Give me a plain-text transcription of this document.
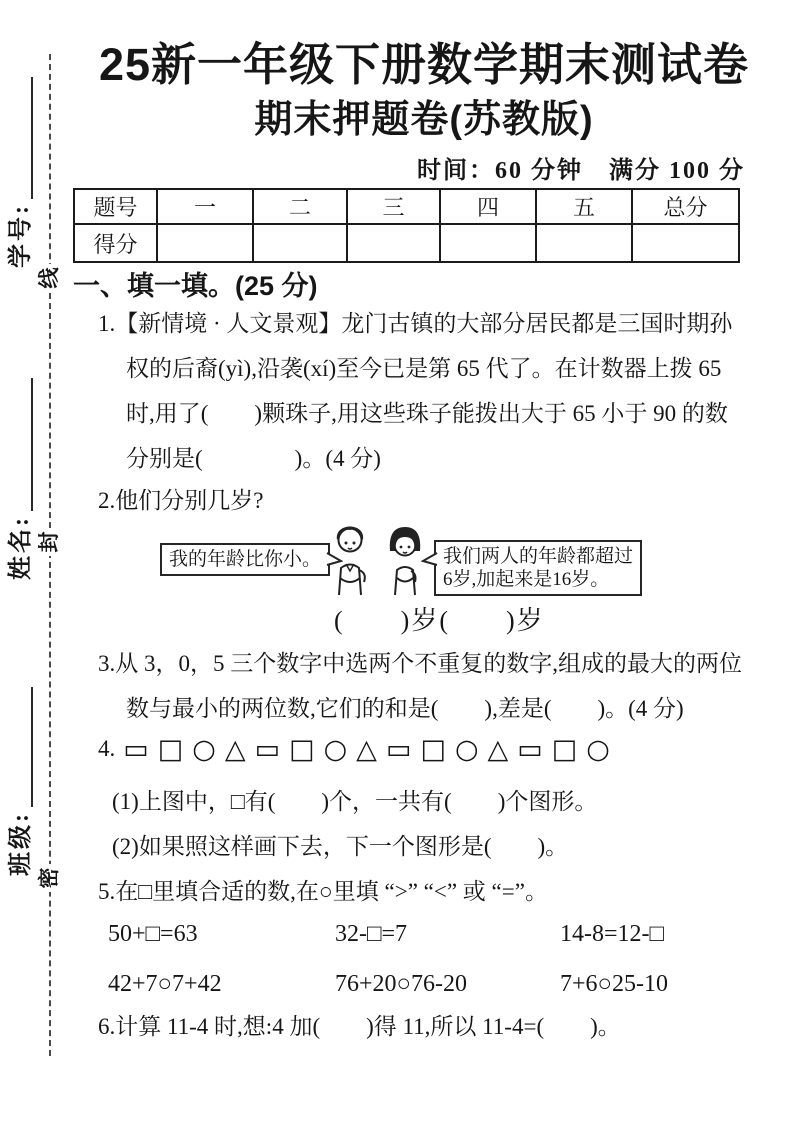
学号:
姓名:
班级:
线
封
密
25新一年级下册数学期末测试卷
期末押题卷(苏教版)
时间：60 分钟　满分 100 分
题号	一	二	三	四	五	总分
得分						
一、填一填。(25 分)
1.【新情境 · 人文景观】龙门古镇的大部分居民都是三国时期孙
权的后裔(yì),沿袭(xí)至今已是第 65 代了。在计数器上拨 65
时,用了(　　)颗珠子,用这些珠子能拨出大于 65 小于 90 的数
分别是(　　　　)。(4 分)
2.他们分别几岁?
我的年龄比你小。	我们两人的年龄都超过
6岁,加起来是16岁。
(　　)岁(　　)岁
3.从 3，0，5 三个数字中选两个不重复的数字,组成的最大的两位
数与最小的两位数,它们的和是(　　),差是(　　)。(4 分)
4. ▭□○△▭□○△▭□○△▭□○
(1)上图中，□有(　　)个，一共有(　　)个图形。
(2)如果照这样画下去，下一个图形是(　　)。
5.在□里填合适的数,在○里填 “>” “<” 或 “=”。
50+□=63	32-□=7	14-8=12-□
42+7○7+42	76+20○76-20	7+6○25-10
6.计算 11-4 时,想:4 加(　　)得 11,所以 11-4=(　　)。
